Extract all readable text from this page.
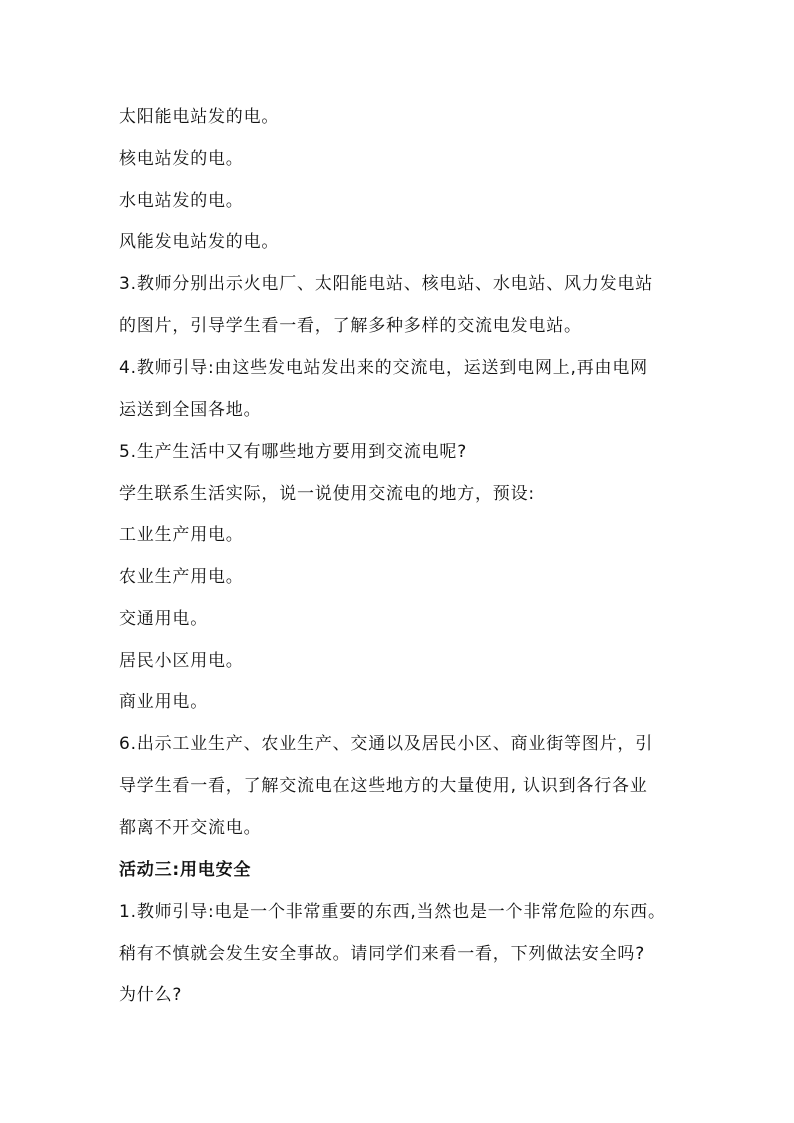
太阳能电站发的电。
核电站发的电。
水电站发的电。
风能发电站发的电。
3.教师分别出示火电厂、太阳能电站、核电站、水电站、风力发电站
的图片，引导学生看一看，了解多种多样的交流电发电站。
4.教师引导:由这些发电站发出来的交流电，运送到电网上,再由电网
运送到全国各地。
5.生产生活中又有哪些地方要用到交流电呢?
学生联系生活实际，说一说使用交流电的地方，预设:
工业生产用电。
农业生产用电。
交通用电。
居民小区用电。
商业用电。
6.出示工业生产、农业生产、交通以及居民小区、商业街等图片，引
导学生看一看，了解交流电在这些地方的大量使用, 认识到各行各业
都离不开交流电。
活动三:用电安全
1.教师引导:电是一个非常重要的东西,当然也是一个非常危险的东西。
稍有不慎就会发生安全事故。请同学们来看一看，下列做法安全吗?
为什么?
